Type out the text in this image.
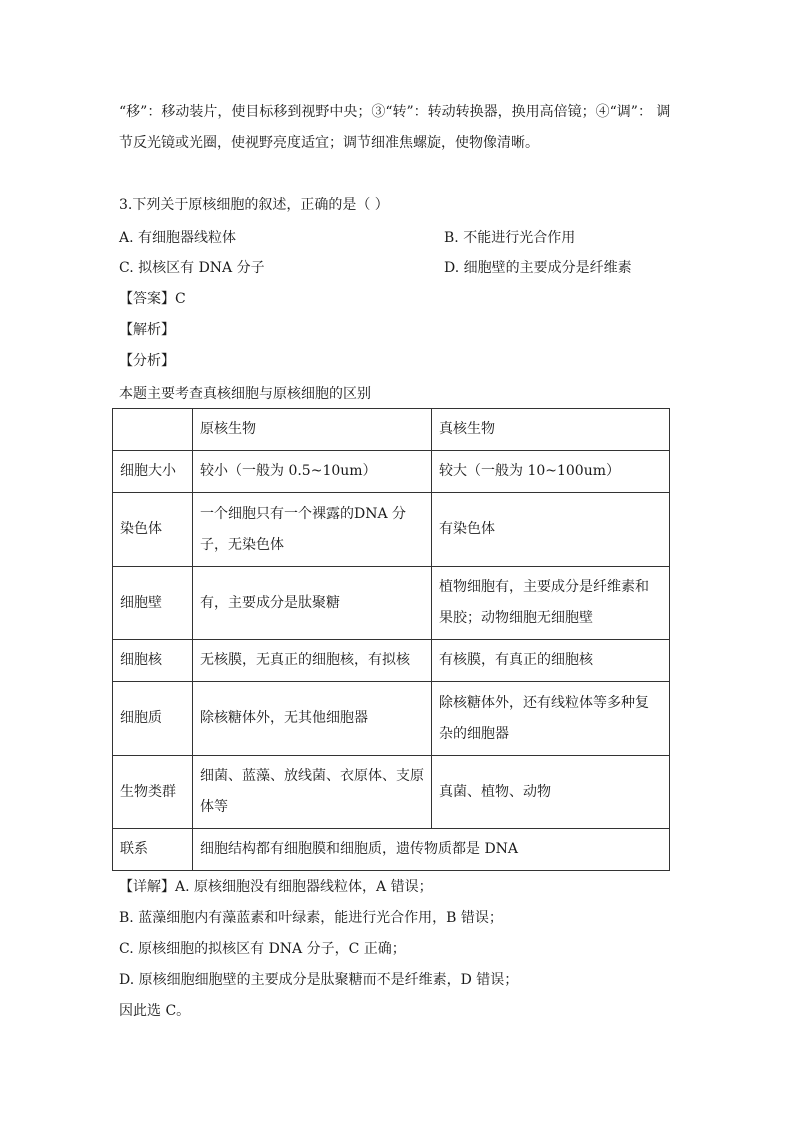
“移”：移动装片，使目标移到视野中央；③“转”：转动转换器，换用高倍镜；④“调”： 调
节反光镜或光圈，使视野亮度适宜；调节细准焦螺旋，使物像清晰。
3.下列关于原核细胞的叙述，正确的是（ ）
A. 有细胞器线粒体	B. 不能进行光合作用
C. 拟核区有 DNA 分子	D. 细胞壁的主要成分是纤维素
【答案】C
【解析】
【分析】
本题主要考查真核细胞与原核细胞的区别
	原核生物	真核生物
细胞大小	较小（一般为 0.5~10um）	较大（一般为 10~100um）
染色体	一个细胞只有一个裸露的DNA 分子，无染色体	有染色体
细胞壁	有，主要成分是肽聚糖	植物细胞有，主要成分是纤维素和果胶；动物细胞无细胞壁
细胞核	无核膜，无真正的细胞核，有拟核	有核膜，有真正的细胞核
细胞质	除核糖体外，无其他细胞器	除核糖体外，还有线粒体等多种复杂的细胞器
生物类群	细菌、蓝藻、放线菌、衣原体、支原体等	真菌、植物、动物
联系	细胞结构都有细胞膜和细胞质，遗传物质都是 DNA	
【详解】A. 原核细胞没有细胞器线粒体，A 错误；
B. 蓝藻细胞内有藻蓝素和叶绿素，能进行光合作用，B 错误；
C. 原核细胞的拟核区有 DNA 分子，C 正确；
D. 原核细胞细胞壁的主要成分是肽聚糖而不是纤维素，D 错误；
因此选 C。
